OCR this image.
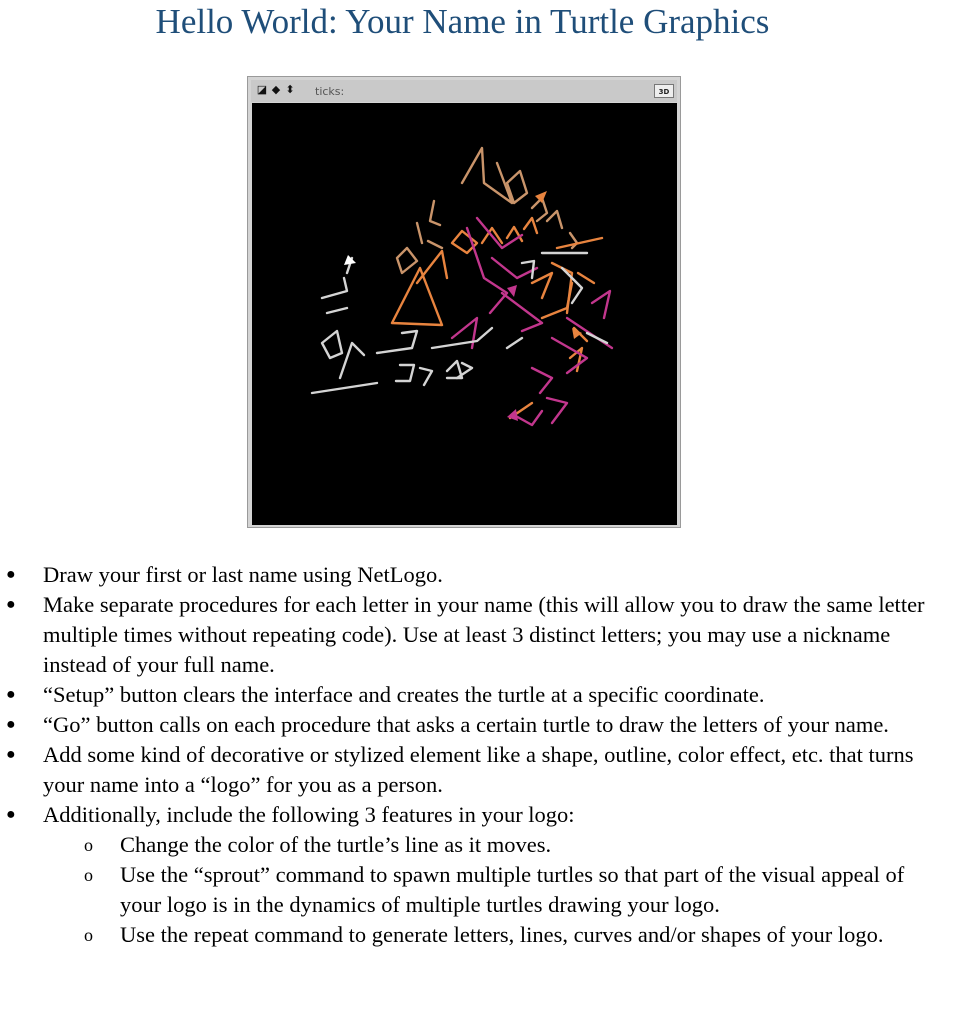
Hello World: Your Name in Turtle Graphics
◪ ◆ ⬍ ticks:	3D
● Draw your first or last name using NetLogo.
● Make separate procedures for each letter in your name (this will allow you to draw the same letter multiple times without repeating code). Use at least 3 distinct letters; you may use a nickname instead of your full name.
● “Setup” button clears the interface and creates the turtle at a specific coordinate.
● “Go” button calls on each procedure that asks a certain turtle to draw the letters of your name.
● Add some kind of decorative or stylized element like a shape, outline, color effect, etc. that turns your name into a “logo” for you as a person.
● Additionally, include the following 3 features in your logo:
o Change the color of the turtle’s line as it moves.
o Use the “sprout” command to spawn multiple turtles so that part of the visual appeal of your logo is in the dynamics of multiple turtles drawing your logo.
o Use the repeat command to generate letters, lines, curves and/or shapes of your logo.
